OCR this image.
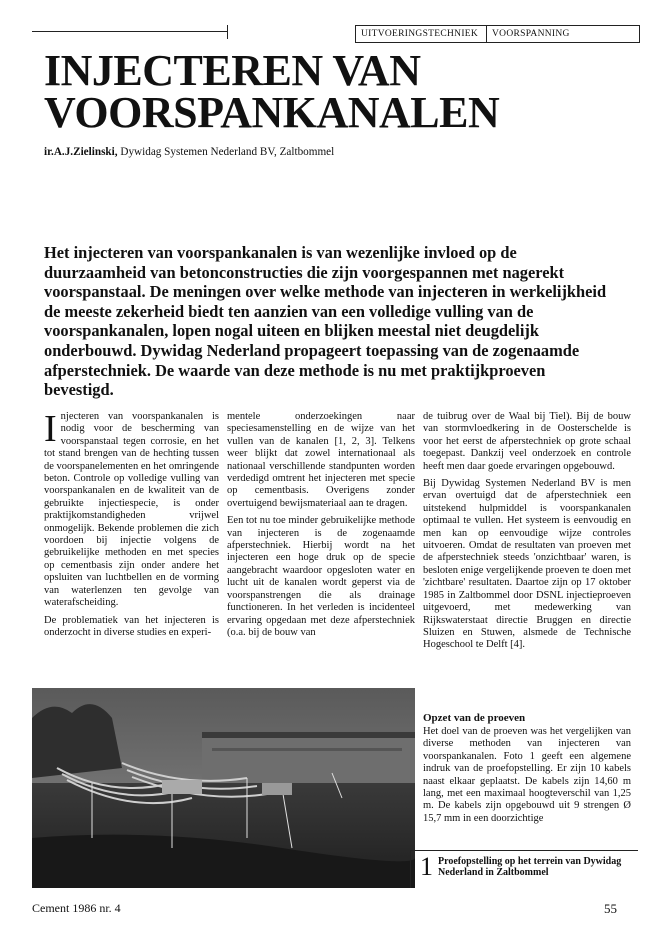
UITVOERINGSTECHNIEK	VOORSPANNING
INJECTEREN VAN
VOORSPANKANALEN
ir.A.J.Zielinski, Dywidag Systemen Nederland BV, Zaltbommel
Het injecteren van voorspankanalen is van wezenlijke invloed op de duurzaamheid van betonconstructies die zijn voorgespannen met nagerekt voorspanstaal. De meningen over welke methode van injecteren in werkelijkheid de meeste zekerheid biedt ten aanzien van een volledige vulling van de voorspankanalen, lopen nogal uiteen en blijken meestal niet deugdelijk onderbouwd. Dywidag Nederland propageert toepassing van de zogenaamde afperstechniek. De waarde van deze methode is nu met praktijkproeven bevestigd.

Injecteren van voorspankanalen is nodig voor de bescherming van voorspanstaal tegen corrosie, en het tot stand brengen van de hechting tussen de voorspanelementen en het omringende beton. Controle op volledige vulling van voorspankanalen en de kwaliteit van de gebruikte injectiespecie, is onder praktijkomstandigheden vrijwel onmogelijk. Bekende problemen die zich voordoen bij injectie volgens de gebruikelijke methoden en met species op cementbasis zijn onder andere het opsluiten van luchtbellen en de vorming van waterlenzen ten gevolge van waterafscheiding.

De problematiek van het injecteren is onderzocht in diverse studies en experi-

mentele onderzoekingen naar speciesamenstelling en de wijze van het vullen van de kanalen [1, 2, 3]. Telkens weer blijkt dat zowel internationaal als nationaal verschillende standpunten worden verdedigd omtrent het injecteren met specie op cementbasis. Overigens zonder overtuigend bewijsmateriaal aan te dragen.

Een tot nu toe minder gebruikelijke methode van injecteren is de zogenaamde afperstechniek. Hierbij wordt na het injecteren een hoge druk op de specie aangebracht waardoor opgesloten water en lucht uit de kanalen wordt geperst via de voorspanstrengen die als drainage functioneren. In het verleden is incidenteel ervaring opgedaan met deze afperstechniek (o.a. bij de bouw van

de tuibrug over de Waal bij Tiel). Bij de bouw van stormvloedkering in de Oosterschelde is voor het eerst de afperstechniek op grote schaal toegepast. Dankzij veel onderzoek en controle heeft men daar goede ervaringen opgebouwd.

Bij Dywidag Systemen Nederland BV is men ervan overtuigd dat de afperstechniek een uitstekend hulpmiddel is voorspankanalen optimaal te vullen. Het systeem is eenvoudig en men kan op eenvoudige wijze controles uitvoeren. Omdat de resultaten van proeven met de afperstechniek steeds 'onzichtbaar' waren, is besloten enige vergelijkende proeven te doen met 'zichtbare' resultaten. Daartoe zijn op 17 oktober 1985 in Zaltbommel door DSNL injectieproeven uitgevoerd, met medewerking van Rijkswaterstaat directie Bruggen en directie Sluizen en Stuwen, alsmede de Technische Hogeschool te Delft [4].

Opzet van de proeven

Het doel van de proeven was het vergelijken van diverse methoden van injecteren van voorspankanalen. Foto 1 geeft een algemene indruk van de proefopstelling. Er zijn 10 kabels naast elkaar geplaatst. De kabels zijn 14,60 m lang, met een maximaal hoogteverschil van 1,25 m. De kabels zijn opgebouwd uit 9 strengen Ø 15,7 mm in een doorzichtige

1 Proefopstelling op het terrein van Dywidag Nederland in Zaltbommel
Cement 1986 nr. 4	55
